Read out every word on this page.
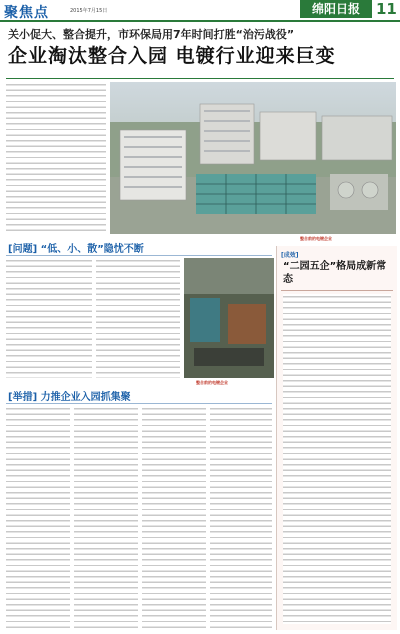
聚焦点	2015年7月15日	绵阳日报	11
关小促大、整合提升，市环保局用7年时间打胜“治污战役”
企业淘汰整合入园 电镀行业迎来巨变
整合前的电镀企业
[问题] “低、小、散”隐忧不断
整合前的电镀企业
[举措] 力推企业入园抓集聚
[成效]
“二园五企”格局成新常态
